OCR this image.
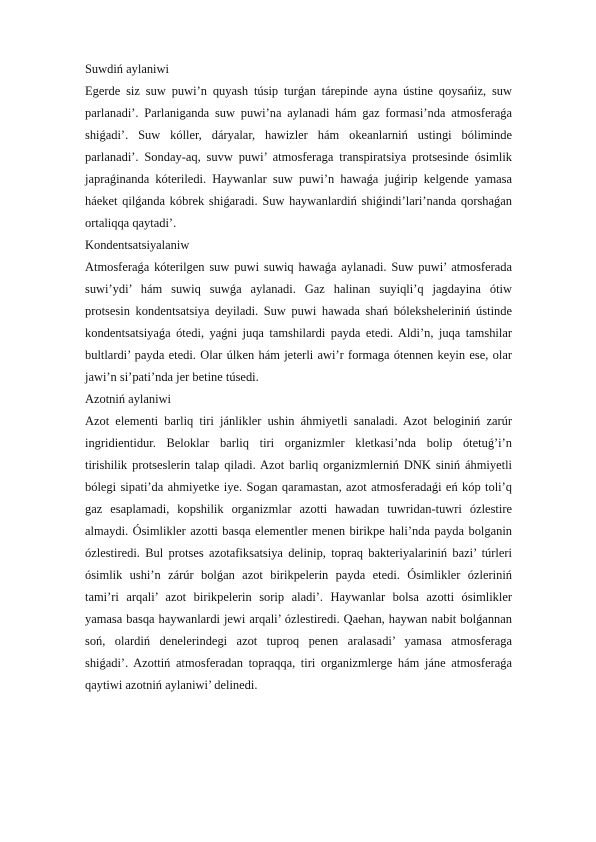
Suwdiń aylaniwi
Egerde siz suw puwi’n quyash túsip turǵan tárepinde ayna ústine qoysańiz, suw
parlanadi’. Parlaniganda suw puwi’na aylanadi hám gaz formasi’nda atmosferaǵa
shiǵadi’. Suw kóller, dáryalar, hawizler hám okeanlarniń ustingi bóliminde
parlanadi’. Sonday-aq, suvw puwi’ atmosferaga transpiratsiya protsesinde ósimlik
japraǵinanda kóteriledi. Haywanlar suw puwi’n hawaǵa juǵirip kelgende yamasa
háeket qilǵanda kóbrek shiǵaradi. Suw haywanlardiń shiǵindi’lari’nanda qorshaǵan
ortaliqqa qaytadi’.
Kondentsatsiyalaniw
Atmosferaǵa kóterilgen suw puwi suwiq hawaǵa aylanadi. Suw puwi’ atmosferada
suwi’ydi’ hám suwiq suwǵa aylanadi. Gaz halinan suyiqli’q jagdayina ótiw
protsesin kondentsatsiya deyiladi. Suw puwi hawada shań bóleksheleriniń ústinde
kondentsatsiyaǵa ótedi, yaǵni juqa tamshilardi payda etedi. Aldi’n, juqa tamshilar
bultlardi’ payda etedi. Olar úlken hám jeterli awi’r formaga ótennen keyin ese, olar
jawi’n si’pati’nda jer betine túsedi.
Azotniń aylaniwi
Azot elementi barliq tiri jánlikler ushin áhmiyetli sanaladi. Azot beloginiń zarúr
ingridientidur. Beloklar barliq tiri organizmler kletkasi’nda bolip ótetuǵ’i’n
tirishilik protseslerin talap qiladi. Azot barliq organizmlerniń DNK siniń áhmiyetli
bólegi sipati’da ahmiyetke iye. Sogan qaramastan, azot atmosferadaǵi eń kóp toli’q
gaz esaplamadi, kopshilik organizmlar azotti hawadan tuwridan-tuwri ózlestire
almaydi. Ósimlikler azotti basqa elementler menen birikpe hali’nda payda bolganin
ózlestiredi. Bul protses azotafiksatsiya delinip, topraq bakteriyalariniń bazi’ túrleri
ósimlik ushi’n zárúr bolǵan azot birikpelerin payda etedi. Ósimlikler ózleriniń
tami’ri arqali’ azot birikpelerin sorip aladi’. Haywanlar bolsa azotti ósimlikler
yamasa basqa haywanlardi jewi arqali’ ózlestiredi. Qaehan, haywan nabit bolǵannan
soń, olardiń denelerindegi azot tuproq penen aralasadi’ yamasa atmosferaga
shiǵadi’. Azottiń atmosferadan topraqqa, tiri organizmlerge hám jáne atmosferaǵa
qaytiwi azotniń aylaniwi’ delinedi.
